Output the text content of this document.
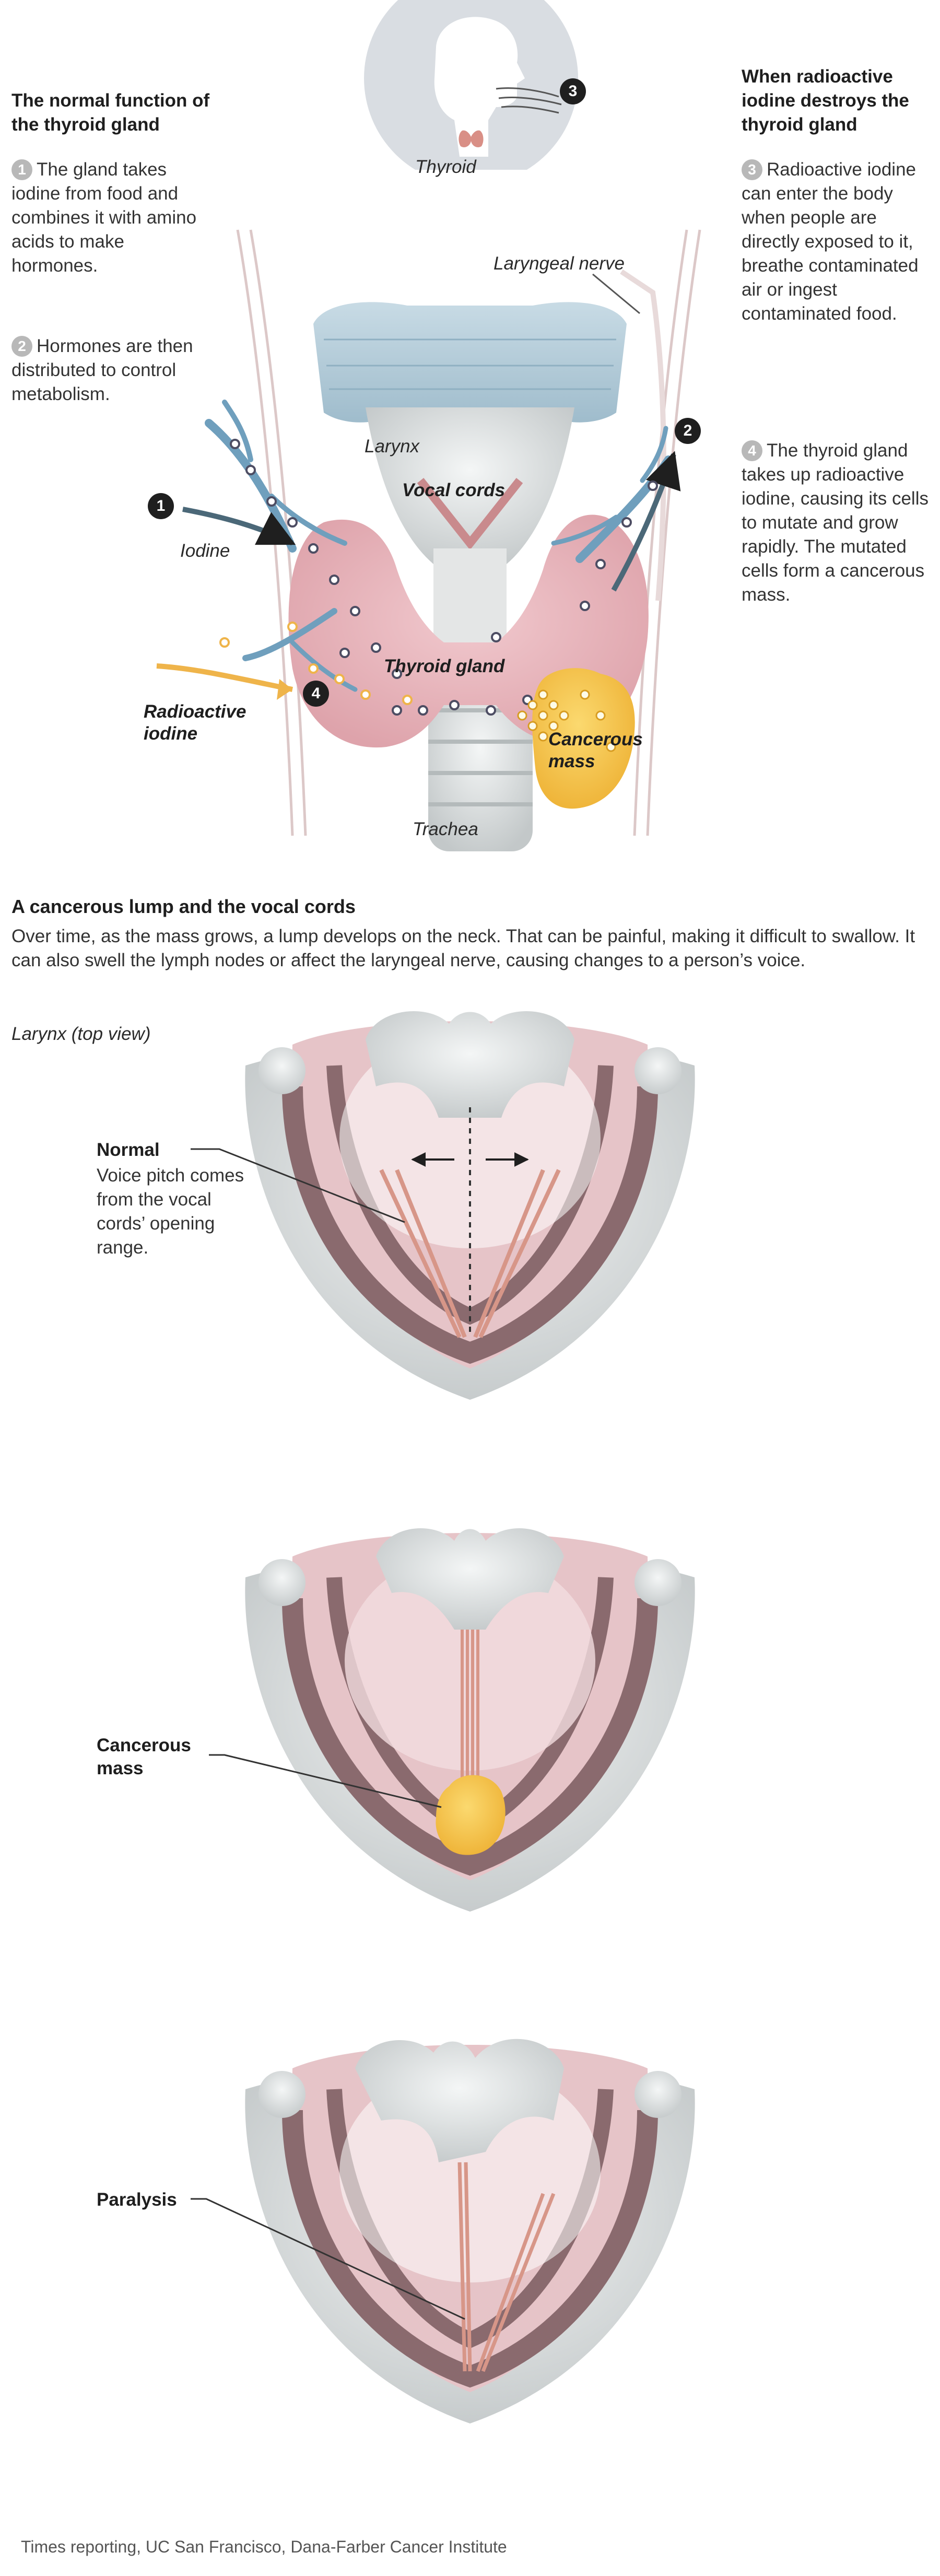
The normal function of the thyroid gland
1 The gland takes iodine from food and combines it with amino acids to make hormones.
2 Hormones are then distributed to control metabolism.
When radioactive iodine destroys the thyroid gland
3 Radioactive iodine can enter the body when people are directly exposed to it, breathe contaminated air or ingest contaminated food.
4 The thyroid gland takes up radioactive iodine, causing its cells to mutate and grow rapidly. The mutated cells form a cancerous mass.
Thyroid
Laryngeal nerve
Larynx
Vocal cords
Iodine
Thyroid gland
Radioactive iodine	Cancerous mass
Trachea
1
2
3
4
A cancerous lump and the vocal cords
Over time, as the mass grows, a lump develops on the neck. That can be painful, making it difficult to swallow. It can also swell the lymph nodes or affect the laryngeal nerve, causing changes to a person’s voice.
Larynx (top view)
Normal
Voice pitch comes from the vocal cords’ opening range.
Cancerous mass
Paralysis
Times reporting, UC San Francisco, Dana-Farber Cancer Institute
